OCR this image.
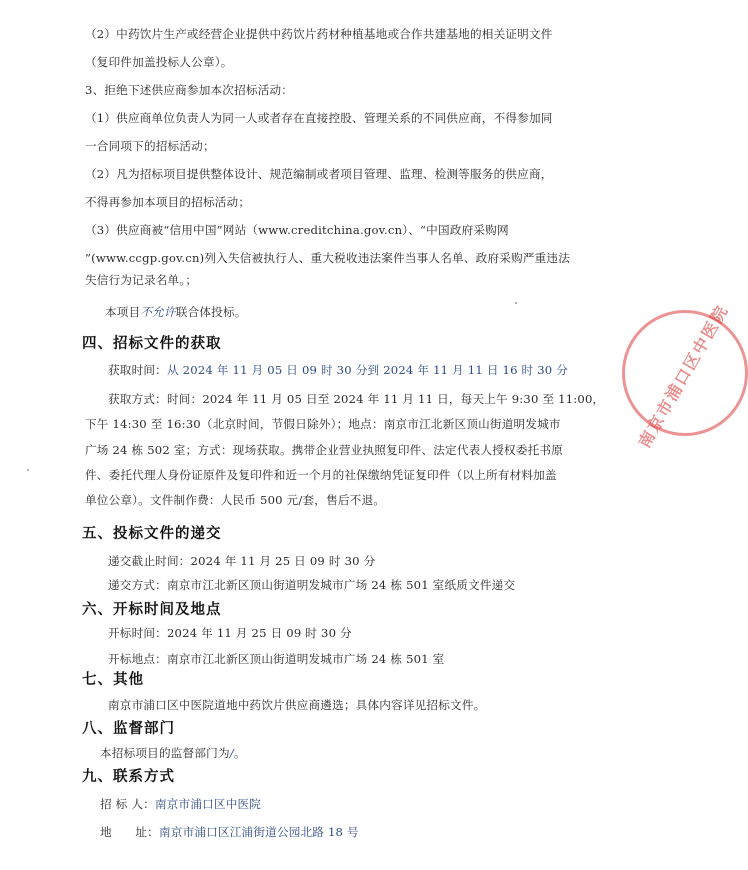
（2）中药饮片生产或经营企业提供中药饮片药材种植基地或合作共建基地的相关证明文件
（复印件加盖投标人公章）。
3、拒绝下述供应商参加本次招标活动：
（1）供应商单位负责人为同一人或者存在直接控股、管理关系的不同供应商，不得参加同
一合同项下的招标活动；
（2）凡为招标项目提供整体设计、规范编制或者项目管理、监理、检测等服务的供应商，
不得再参加本项目的招标活动；
（3）供应商被“信用中国”网站（www.creditchina.gov.cn）、“中国政府采购网
”(www.ccgp.gov.cn)列入失信被执行人、重大税收违法案件当事人名单、政府采购严重违法
失信行为记录名单。；
本项目不允许联合体投标。
四、招标文件的获取
获取时间：从 2024 年 11 月 05 日 09 时 30 分到 2024 年 11 月 11 日 16 时 30 分
获取方式：时间：2024 年 11 月 05 日至 2024 年 11 月 11 日，每天上午 9:30 至 11:00，
下午 14:30 至 16:30（北京时间，节假日除外）；地点：南京市江北新区顶山街道明发城市
广场 24 栋 502 室；方式：现场获取。携带企业营业执照复印件、法定代表人授权委托书原
件、委托代理人身份证原件及复印件和近一个月的社保缴纳凭证复印件（以上所有材料加盖
单位公章）。文件制作费：人民币 500 元/套，售后不退。
五、投标文件的递交
递交截止时间：2024 年 11 月 25 日 09 时 30 分
递交方式：南京市江北新区顶山街道明发城市广场 24 栋 501 室纸质文件递交
六、开标时间及地点
开标时间：2024 年 11 月 25 日 09 时 30 分
开标地点：南京市江北新区顶山街道明发城市广场 24 栋 501 室
七、其他
南京市浦口区中医院道地中药饮片供应商遴选；具体内容详见招标文件。
八、监督部门
本招标项目的监督部门为/。
九、联系方式
招 标 人：南京市浦口区中医院
地　　址：南京市浦口区江浦街道公园北路 18 号
南京市浦口区中医院
